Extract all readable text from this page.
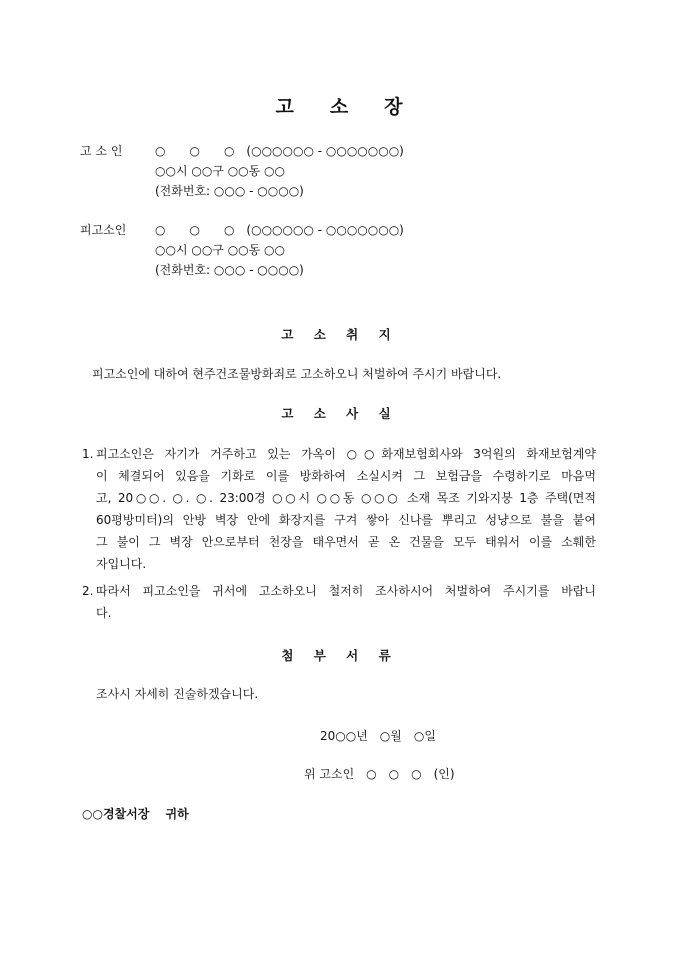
고 소 장
고 소 인	○　　○　　○　(○○○○○○ - ○○○○○○○)
○○시 ○○구 ○○동 ○○
(전화번호: ○○○ - ○○○○)
피고소인	○　　○　　○　(○○○○○○ - ○○○○○○○)
○○시 ○○구 ○○동 ○○
(전화번호: ○○○ - ○○○○)
고 소 취 지
피고소인에 대하여 현주건조물방화죄로 고소하오니 처벌하여 주시기 바랍니다.
고 소 사 실
1. 피고소인은 자기가 거주하고 있는 가옥이 ○○화재보험회사와 3억원의 화재보험계약
이 체결되어 있음을 기화로 이를 방화하여 소실시켜 그 보험금을 수령하기로 마음먹
고, 20○○. ○. ○. 23:00경 ○○시 ○○동 ○○○ 소재 목조 기와지붕 1층 주택(면적
60평방미터)의 안방 벽장 안에 화장지를 구겨 쌓아 신나를 뿌리고 성냥으로 불을 붙여
그 불이 그 벽장 안으로부터 천장을 태우면서 곧 온 건물을 모두 태워서 이를 소훼한
자입니다.
2. 따라서 피고소인을 귀서에 고소하오니 철저히 조사하시어 처벌하여 주시기를 바랍니
다.
첨 부 서 류
조사시 자세히 진술하겠습니다.
20○○년　○월　○일
위 고소인　○　○　○　(인)
○○경찰서장　 귀하
